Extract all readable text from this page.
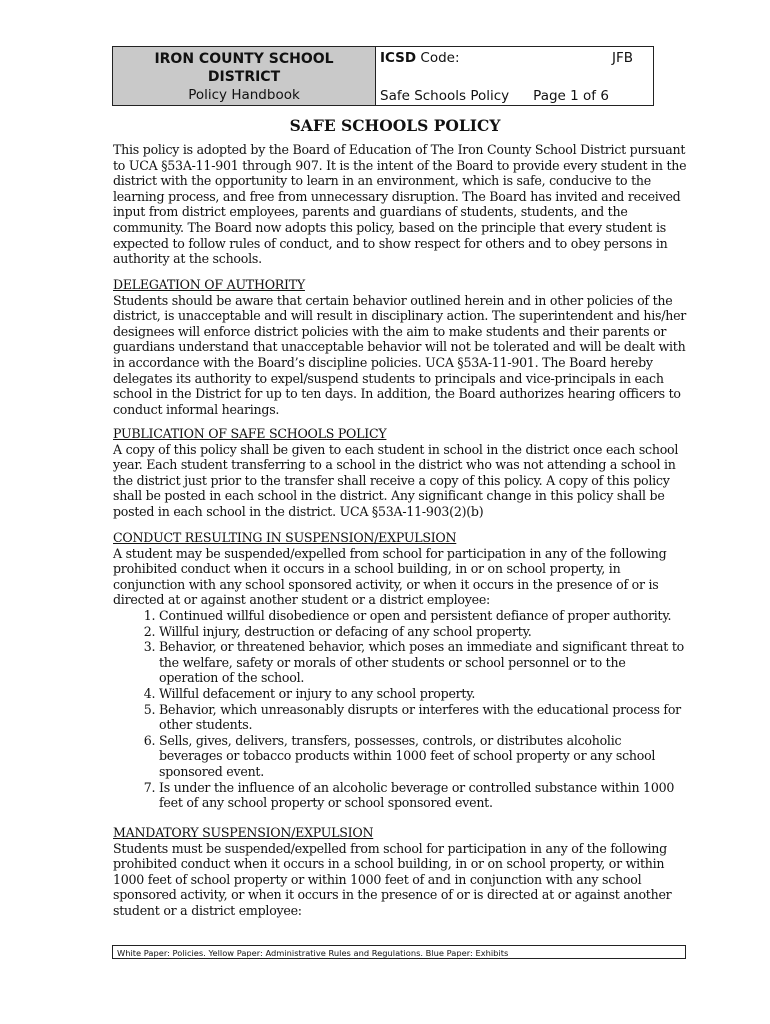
IRON COUNTY SCHOOL DISTRICT
Policy Handbook
ICSD Code:	JFB
Safe Schools Policy Page 1 of 6
SAFE SCHOOLS POLICY

This policy is adopted by the Board of Education of The Iron County School District pursuant to UCA §53A-11-901 through 907. It is the intent of the Board to provide every student in the district with the opportunity to learn in an environment, which is safe, conducive to the learning process, and free from unnecessary disruption. The Board has invited and received input from district employees, parents and guardians of students, students, and the community. The Board now adopts this policy, based on the principle that every student is expected to follow rules of conduct, and to show respect for others and to obey persons in authority at the schools.

DELEGATION OF AUTHORITY

Students should be aware that certain behavior outlined herein and in other policies of the district, is unacceptable and will result in disciplinary action. The superintendent and his/her designees will enforce district policies with the aim to make students and their parents or guardians understand that unacceptable behavior will not be tolerated and will be dealt with in accordance with the Board’s discipline policies. UCA §53A-11-901. The Board hereby delegates its authority to expel/suspend students to principals and vice-principals in each school in the District for up to ten days. In addition, the Board authorizes hearing officers to conduct informal hearings.

PUBLICATION OF SAFE SCHOOLS POLICY

A copy of this policy shall be given to each student in school in the district once each school year. Each student transferring to a school in the district who was not attending a school in the district just prior to the transfer shall receive a copy of this policy. A copy of this policy shall be posted in each school in the district. Any significant change in this policy shall be posted in each school in the district. UCA §53A-11-903(2)(b)

CONDUCT RESULTING IN SUSPENSION/EXPULSION

A student may be suspended/expelled from school for participation in any of the following prohibited conduct when it occurs in a school building, in or on school property, in conjunction with any school sponsored activity, or when it occurs in the presence of or is directed at or against another student or a district employee:

1. Continued willful disobedience or open and persistent defiance of proper authority.
2. Willful injury, destruction or defacing of any school property.
3. Behavior, or threatened behavior, which poses an immediate and significant threat to the welfare, safety or morals of other students or school personnel or to the operation of the school.
4. Willful defacement or injury to any school property.
5. Behavior, which unreasonably disrupts or interferes with the educational process for other students.
6. Sells, gives, delivers, transfers, possesses, controls, or distributes alcoholic beverages or tobacco products within 1000 feet of school property or any school sponsored event.
7. Is under the influence of an alcoholic beverage or controlled substance within 1000 feet of any school property or school sponsored event.

MANDATORY SUSPENSION/EXPULSION

Students must be suspended/expelled from school for participation in any of the following prohibited conduct when it occurs in a school building, in or on school property, or within 1000 feet of school property or within 1000 feet of and in conjunction with any school sponsored activity, or when it occurs in the presence of or is directed at or against another student or a district employee:

White Paper: Policies. Yellow Paper: Administrative Rules and Regulations. Blue Paper: Exhibits
